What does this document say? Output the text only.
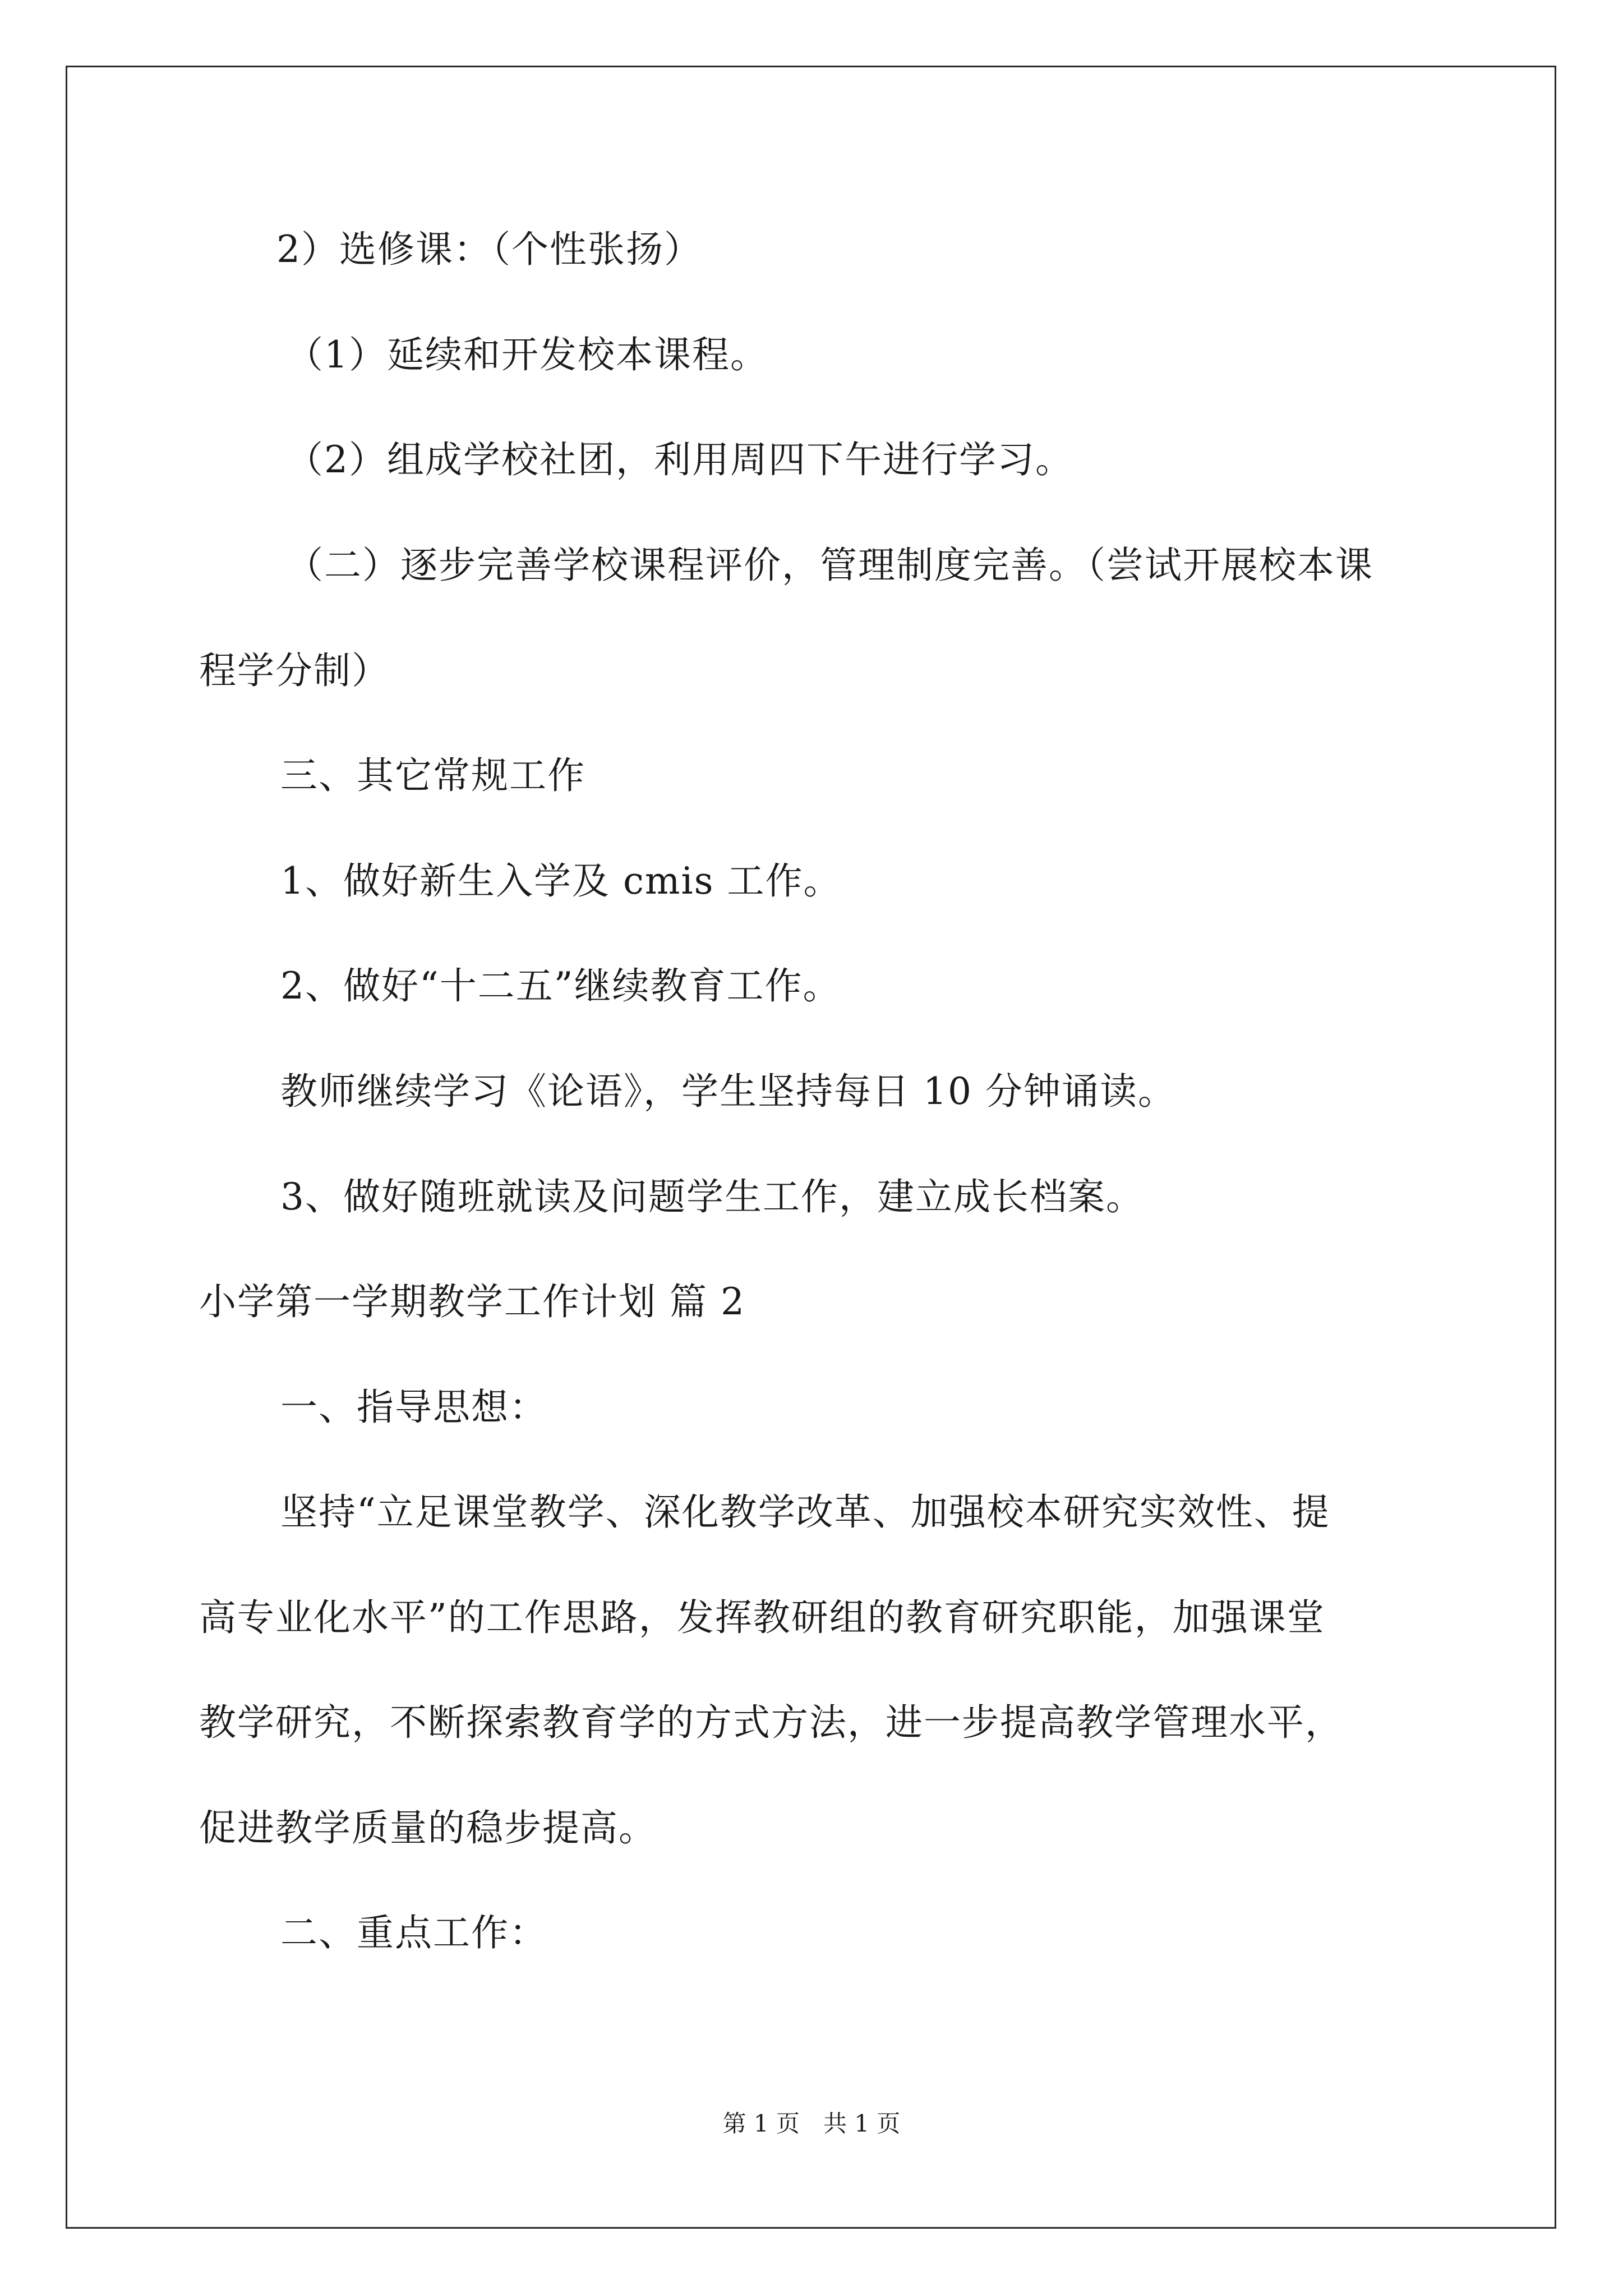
2）选修课：（个性张扬）
（1）延续和开发校本课程。
（2）组成学校社团，利用周四下午进行学习。
（二）逐步完善学校课程评价，管理制度完善。（尝试开展校本课
程学分制）
三、其它常规工作
1、做好新生入学及 cmis 工作。
2、做好“十二五”继续教育工作。
教师继续学习《论语》，学生坚持每日 10 分钟诵读。
3、做好随班就读及问题学生工作，建立成长档案。
小学第一学期教学工作计划 篇 2
一、指导思想：
坚持“立足课堂教学、深化教学改革、加强校本研究实效性、提
高专业化水平”的工作思路，发挥教研组的教育研究职能，加强课堂
教学研究，不断探索教育学的方式方法，进一步提高教学管理水平，
促进教学质量的稳步提高。
二、重点工作：
第 1 页　共 1 页
